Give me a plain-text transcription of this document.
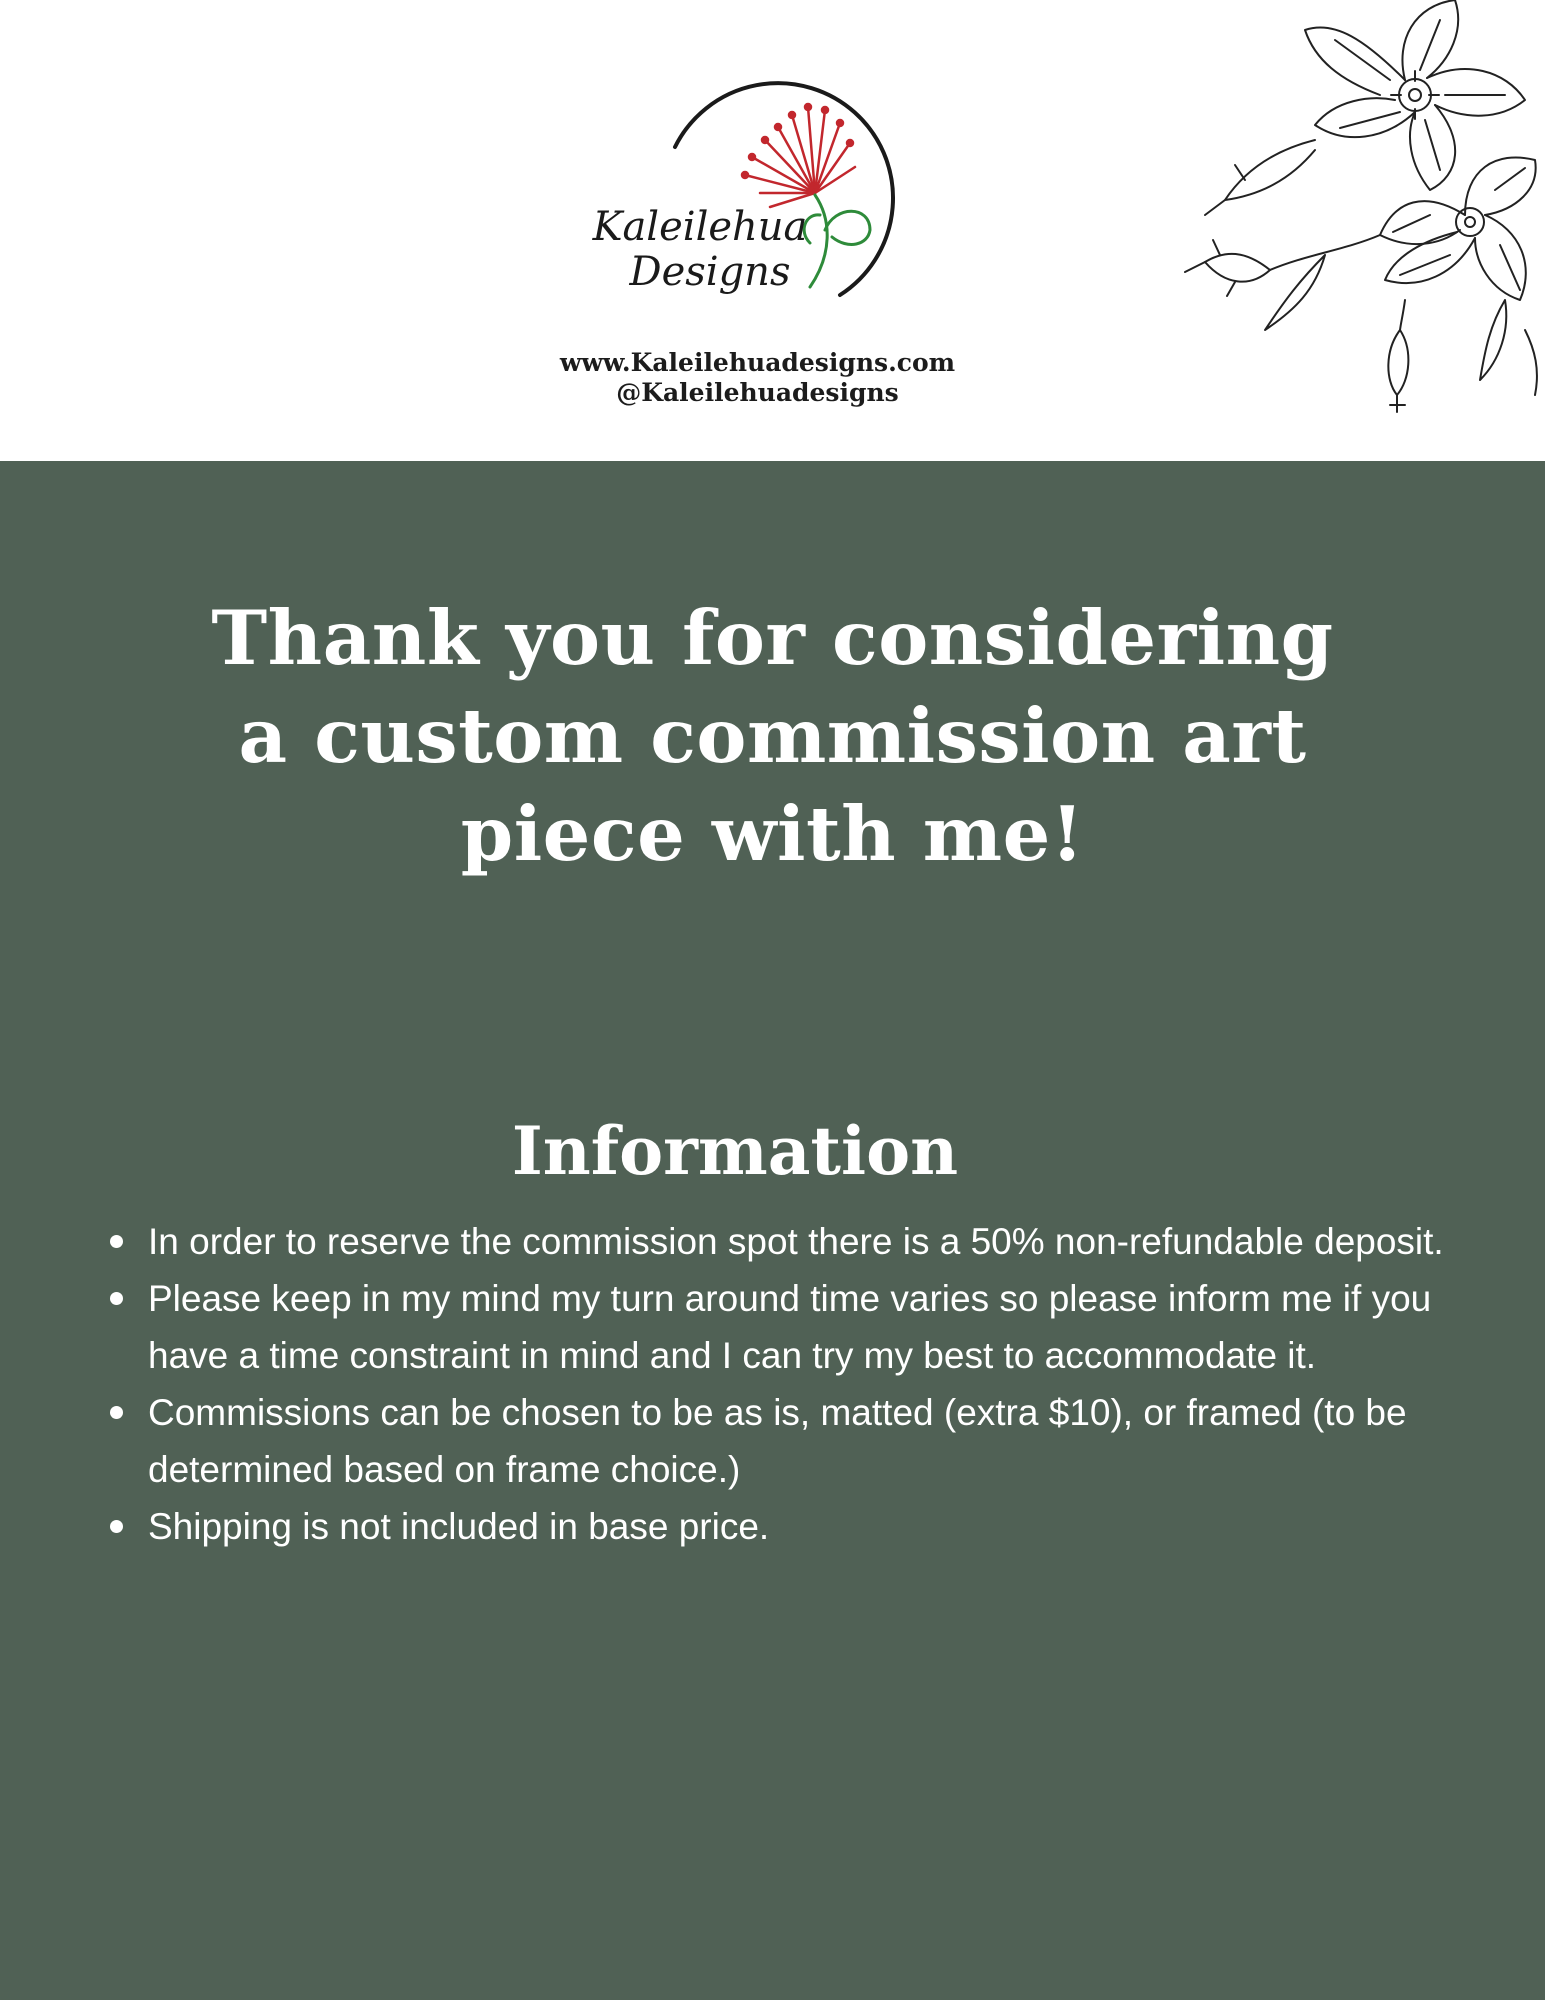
Kaleilehua
Designs
www.Kaleilehuadesigns.com
@Kaleilehuadesigns
Thank you for considering a custom commission art piece with me!
Information
In order to reserve the commission spot there is a 50% non-refundable deposit.
Please keep in my mind my turn around time varies so please inform me if you have a time constraint in mind and I can try my best to accommodate it.
Commissions can be chosen to be as is, matted (extra $10), or framed (to be determined based on frame choice.)
Shipping is not included in base price.
